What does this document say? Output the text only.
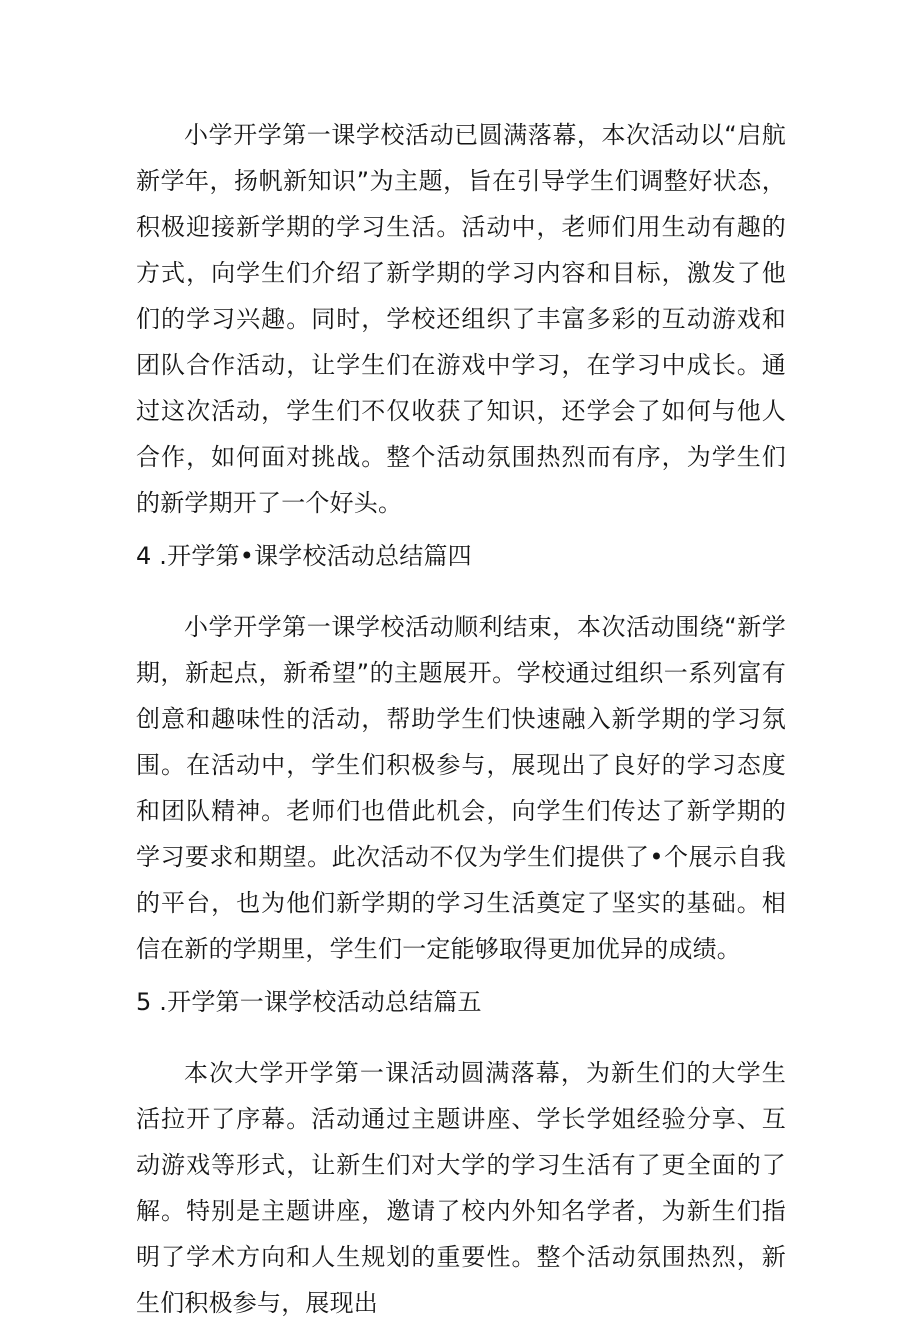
小学开学第一课学校活动已圆满落幕，本次活动以“启航新学年，扬帆新知识”为主题，旨在引导学生们调整好状态，积极迎接新学期的学习生活。活动中，老师们用生动有趣的方式，向学生们介绍了新学期的学习内容和目标，激发了他们的学习兴趣。同时，学校还组织了丰富多彩的互动游戏和团队合作活动，让学生们在游戏中学习，在学习中成长。通过这次活动，学生们不仅收获了知识，还学会了如何与他人合作，如何面对挑战。整个活动氛围热烈而有序，为学生们的新学期开了一个好头。

4 .开学第•课学校活动总结篇四

小学开学第一课学校活动顺利结束，本次活动围绕“新学期，新起点，新希望”的主题展开。学校通过组织一系列富有创意和趣味性的活动，帮助学生们快速融入新学期的学习氛围。在活动中，学生们积极参与，展现出了良好的学习态度和团队精神。老师们也借此机会，向学生们传达了新学期的学习要求和期望。此次活动不仅为学生们提供了•个展示自我的平台，也为他们新学期的学习生活奠定了坚实的基础。相信在新的学期里，学生们一定能够取得更加优异的成绩。

5 .开学第一课学校活动总结篇五

本次大学开学第一课活动圆满落幕，为新生们的大学生活拉开了序幕。活动通过主题讲座、学长学姐经验分享、互动游戏等形式，让新生们对大学的学习生活有了更全面的了解。特别是主题讲座，邀请了校内外知名学者，为新生们指明了学术方向和人生规划的重要性。整个活动氛围热烈，新生们积极参与，展现出
